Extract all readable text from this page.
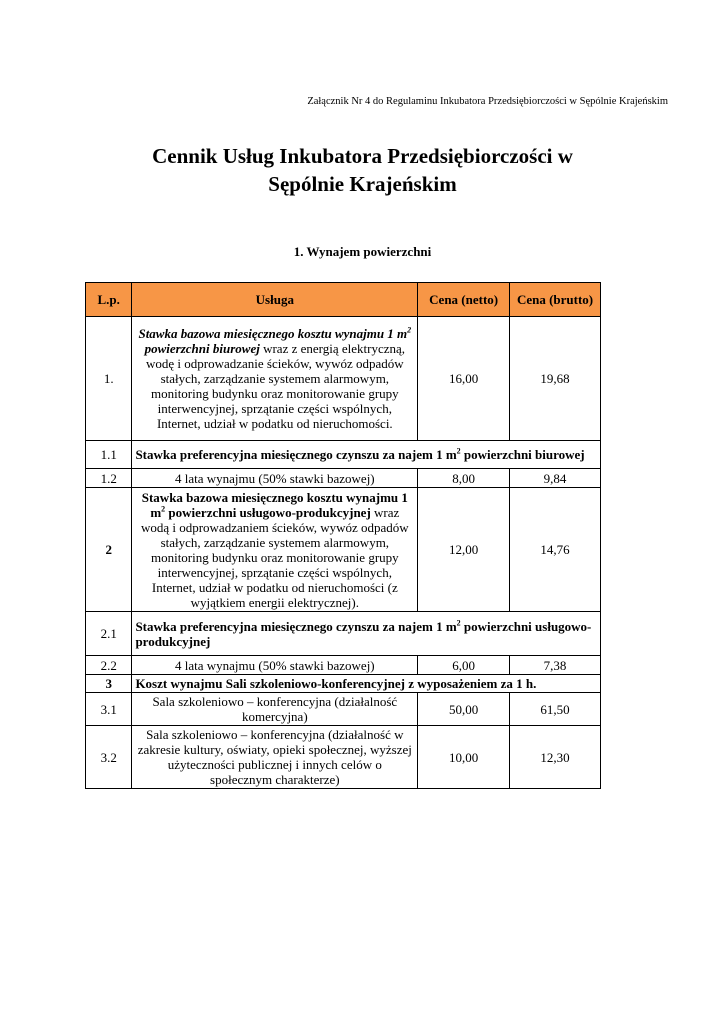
Załącznik Nr 4 do Regulaminu Inkubatora Przedsiębiorczości w Sępólnie Krajeńskim
Cennik Usług Inkubatora Przedsiębiorczości w
Sępólnie Krajeńskim
1. Wynajem powierzchni
L.p.	Usługa	Cena (netto)	Cena (brutto)
1.	Stawka bazowa miesięcznego kosztu wynajmu 1 $m^2$ powierzchni biurowej wraz z energią elektryczną, wodę i odprowadzanie ścieków, wywóz odpadów stałych, zarządzanie systemem alarmowym, monitoring budynku oraz monitorowanie grupy interwencyjnej, sprzątanie części wspólnych, Internet, udział w podatku od nieruchomości.	16,00	19,68
1.1	Stawka preferencyjna miesięcznego czynszu za najem 1 $m^2$ powierzchni biurowej		
1.2	4 lata wynajmu (50% stawki bazowej)	8,00	9,84
2	Stawka bazowa miesięcznego kosztu wynajmu 1 $m^2$ powierzchni usługowo-produkcyjnej wraz wodą i odprowadzaniem ścieków, wywóz odpadów stałych, zarządzanie systemem alarmowym, monitoring budynku oraz monitorowanie grupy interwencyjnej, sprzątanie części wspólnych, Internet, udział w podatku od nieruchomości (z wyjątkiem energii elektrycznej).	12,00	14,76
2.1	Stawka preferencyjna miesięcznego czynszu za najem 1 $m^2$ powierzchni usługowo-produkcyjnej		
2.2	4 lata wynajmu (50% stawki bazowej)	6,00	7,38
3	Koszt wynajmu Sali szkoleniowo-konferencyjnej z wyposażeniem za 1 h.		
3.1	Sala szkoleniowo – konferencyjna (działalność komercyjna)	50,00	61,50
3.2	Sala szkoleniowo – konferencyjna (działalność w zakresie kultury, oświaty, opieki społecznej, wyższej użyteczności publicznej i innych celów o społecznym charakterze)	10,00	12,30
